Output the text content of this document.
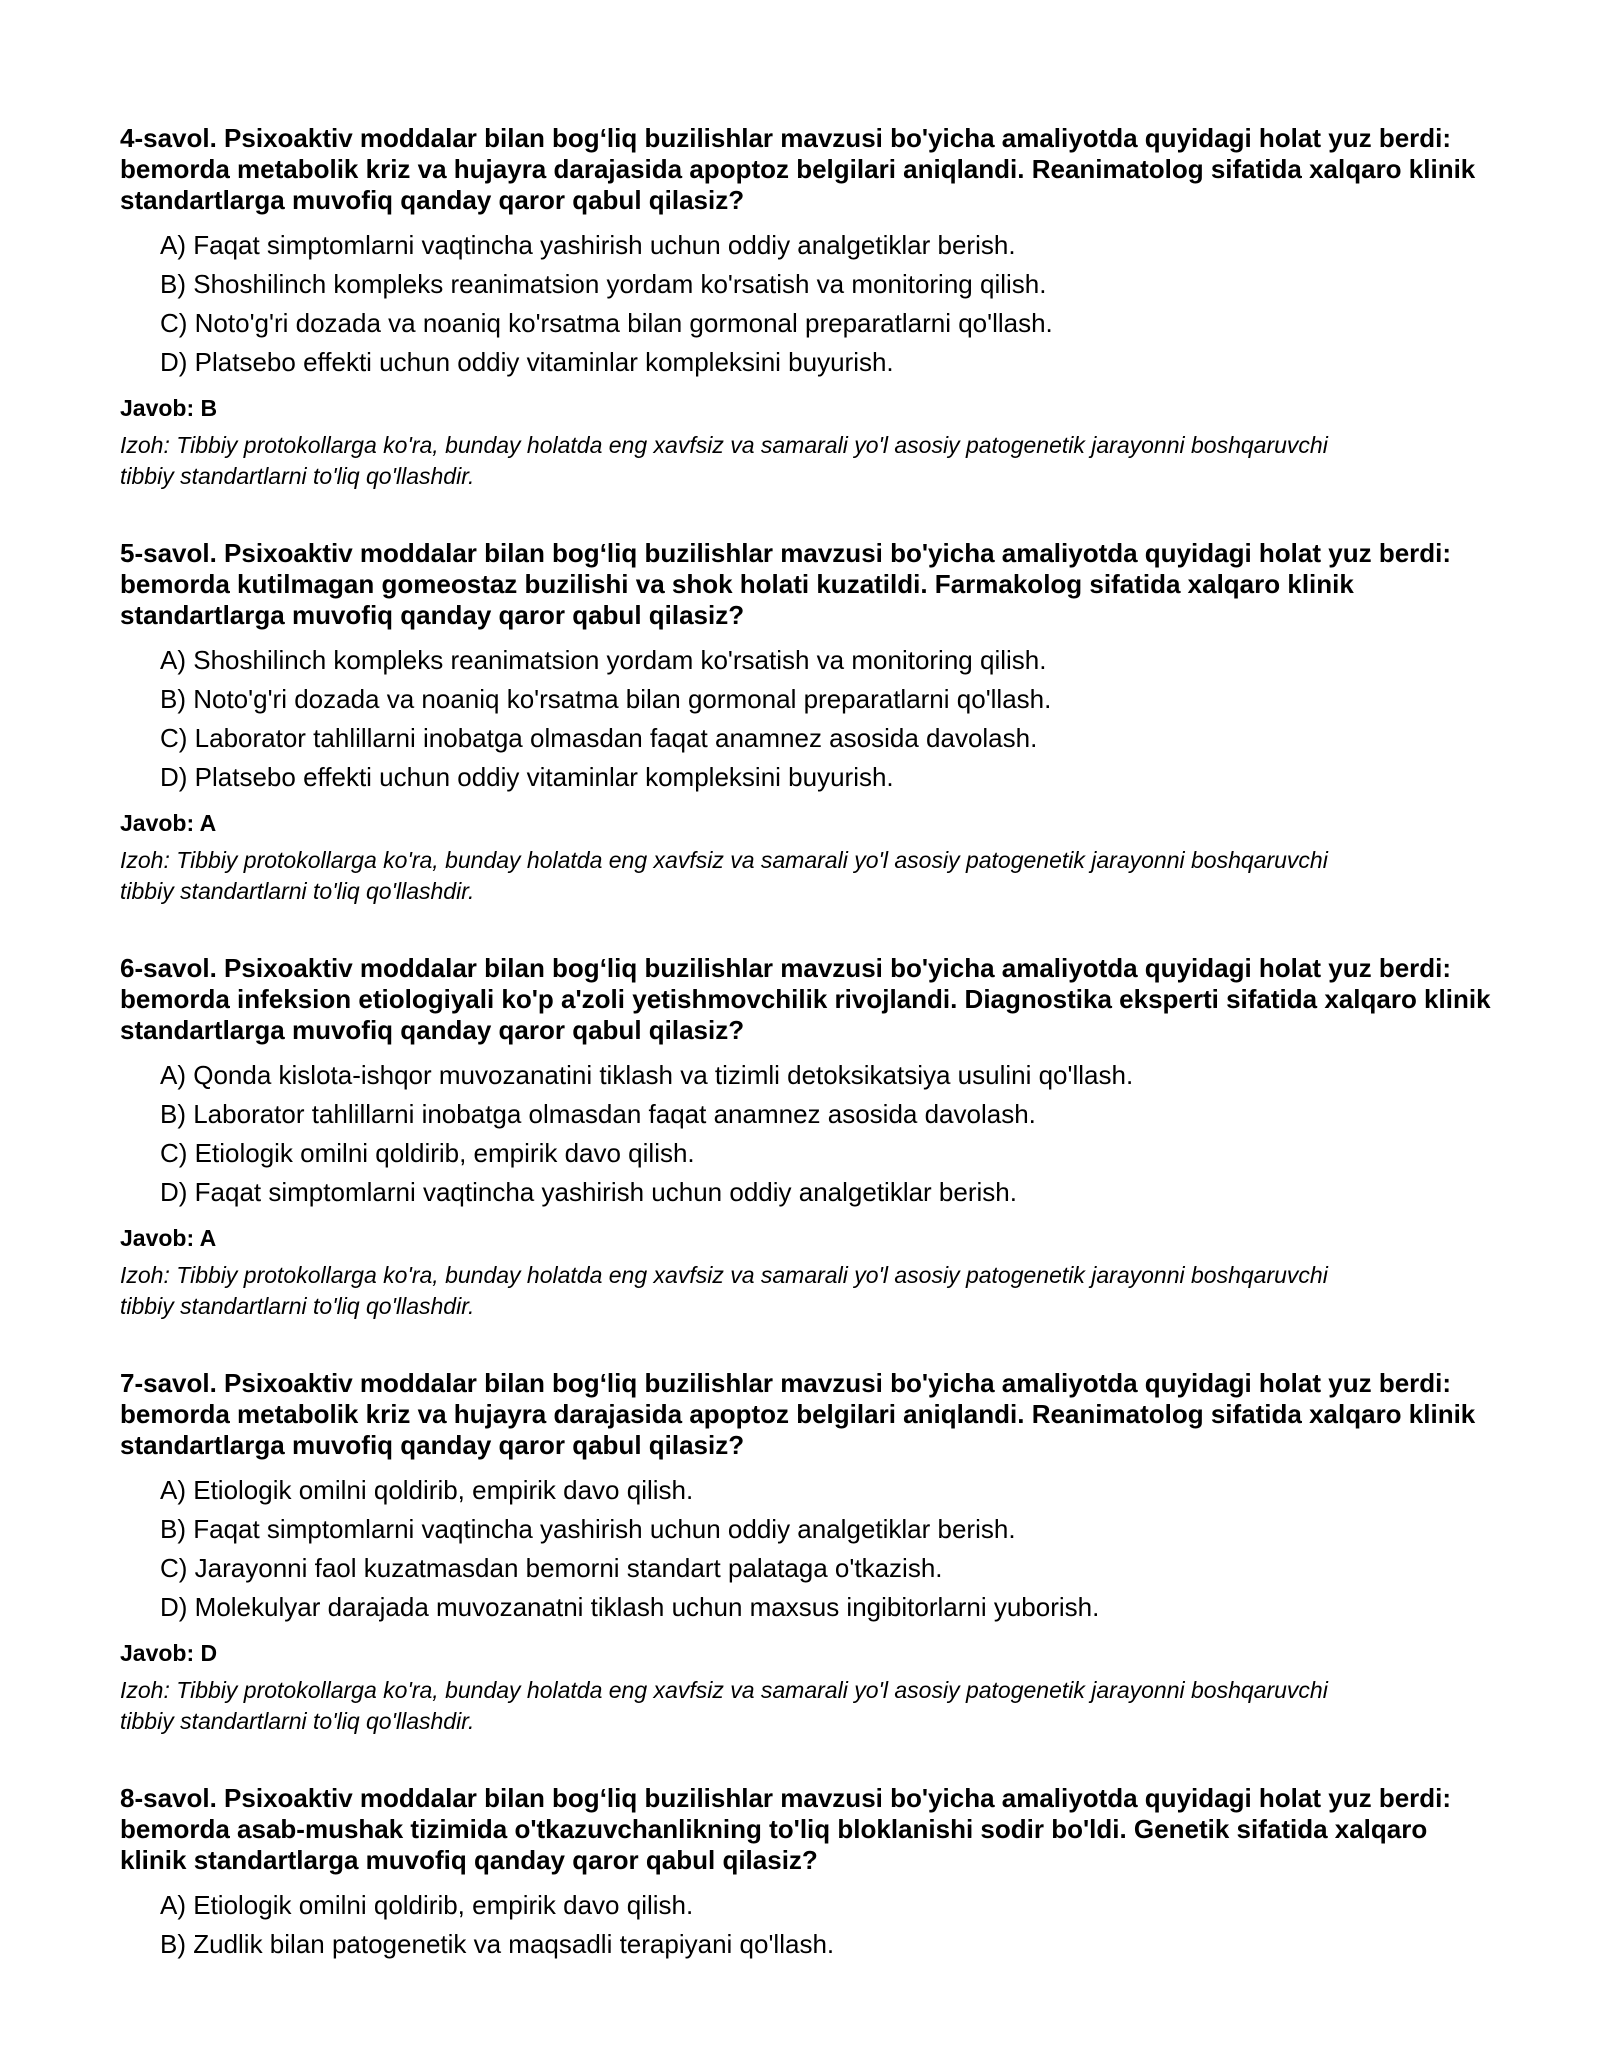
4-savol. Psixoaktiv moddalar bilan bog‘liq buzilishlar mavzusi bo'yicha amaliyotda quyidagi holat yuz berdi: bemorda metabolik kriz va hujayra darajasida apoptoz belgilari aniqlandi. Reanimatolog sifatida xalqaro klinik standartlarga muvofiq qanday qaror qabul qilasiz?

A) Faqat simptomlarni vaqtincha yashirish uchun oddiy analgetiklar berish.
B) Shoshilinch kompleks reanimatsion yordam ko'rsatish va monitoring qilish.
C) Noto'g'ri dozada va noaniq ko'rsatma bilan gormonal preparatlarni qo'llash.
D) Platsebo effekti uchun oddiy vitaminlar kompleksini buyurish.

Javob: B

Izoh: Tibbiy protokollarga ko'ra, bunday holatda eng xavfsiz va samarali yo'l asosiy patogenetik jarayonni boshqaruvchi tibbiy standartlarni to'liq qo'llashdir.

5-savol. Psixoaktiv moddalar bilan bog‘liq buzilishlar mavzusi bo'yicha amaliyotda quyidagi holat yuz berdi: bemorda kutilmagan gomeostaz buzilishi va shok holati kuzatildi. Farmakolog sifatida xalqaro klinik standartlarga muvofiq qanday qaror qabul qilasiz?

A) Shoshilinch kompleks reanimatsion yordam ko'rsatish va monitoring qilish.
B) Noto'g'ri dozada va noaniq ko'rsatma bilan gormonal preparatlarni qo'llash.
C) Laborator tahlillarni inobatga olmasdan faqat anamnez asosida davolash.
D) Platsebo effekti uchun oddiy vitaminlar kompleksini buyurish.

Javob: A

Izoh: Tibbiy protokollarga ko'ra, bunday holatda eng xavfsiz va samarali yo'l asosiy patogenetik jarayonni boshqaruvchi tibbiy standartlarni to'liq qo'llashdir.

6-savol. Psixoaktiv moddalar bilan bog‘liq buzilishlar mavzusi bo'yicha amaliyotda quyidagi holat yuz berdi: bemorda infeksion etiologiyali ko'p a'zoli yetishmovchilik rivojlandi. Diagnostika eksperti sifatida xalqaro klinik standartlarga muvofiq qanday qaror qabul qilasiz?

A) Qonda kislota-ishqor muvozanatini tiklash va tizimli detoksikatsiya usulini qo'llash.
B) Laborator tahlillarni inobatga olmasdan faqat anamnez asosida davolash.
C) Etiologik omilni qoldirib, empirik davo qilish.
D) Faqat simptomlarni vaqtincha yashirish uchun oddiy analgetiklar berish.

Javob: A

Izoh: Tibbiy protokollarga ko'ra, bunday holatda eng xavfsiz va samarali yo'l asosiy patogenetik jarayonni boshqaruvchi tibbiy standartlarni to'liq qo'llashdir.

7-savol. Psixoaktiv moddalar bilan bog‘liq buzilishlar mavzusi bo'yicha amaliyotda quyidagi holat yuz berdi: bemorda metabolik kriz va hujayra darajasida apoptoz belgilari aniqlandi. Reanimatolog sifatida xalqaro klinik standartlarga muvofiq qanday qaror qabul qilasiz?

A) Etiologik omilni qoldirib, empirik davo qilish.
B) Faqat simptomlarni vaqtincha yashirish uchun oddiy analgetiklar berish.
C) Jarayonni faol kuzatmasdan bemorni standart palataga o'tkazish.
D) Molekulyar darajada muvozanatni tiklash uchun maxsus ingibitorlarni yuborish.

Javob: D

Izoh: Tibbiy protokollarga ko'ra, bunday holatda eng xavfsiz va samarali yo'l asosiy patogenetik jarayonni boshqaruvchi tibbiy standartlarni to'liq qo'llashdir.

8-savol. Psixoaktiv moddalar bilan bog‘liq buzilishlar mavzusi bo'yicha amaliyotda quyidagi holat yuz berdi: bemorda asab-mushak tizimida o'tkazuvchanlikning to'liq bloklanishi sodir bo'ldi. Genetik sifatida xalqaro klinik standartlarga muvofiq qanday qaror qabul qilasiz?

A) Etiologik omilni qoldirib, empirik davo qilish.
B) Zudlik bilan patogenetik va maqsadli terapiyani qo'llash.
